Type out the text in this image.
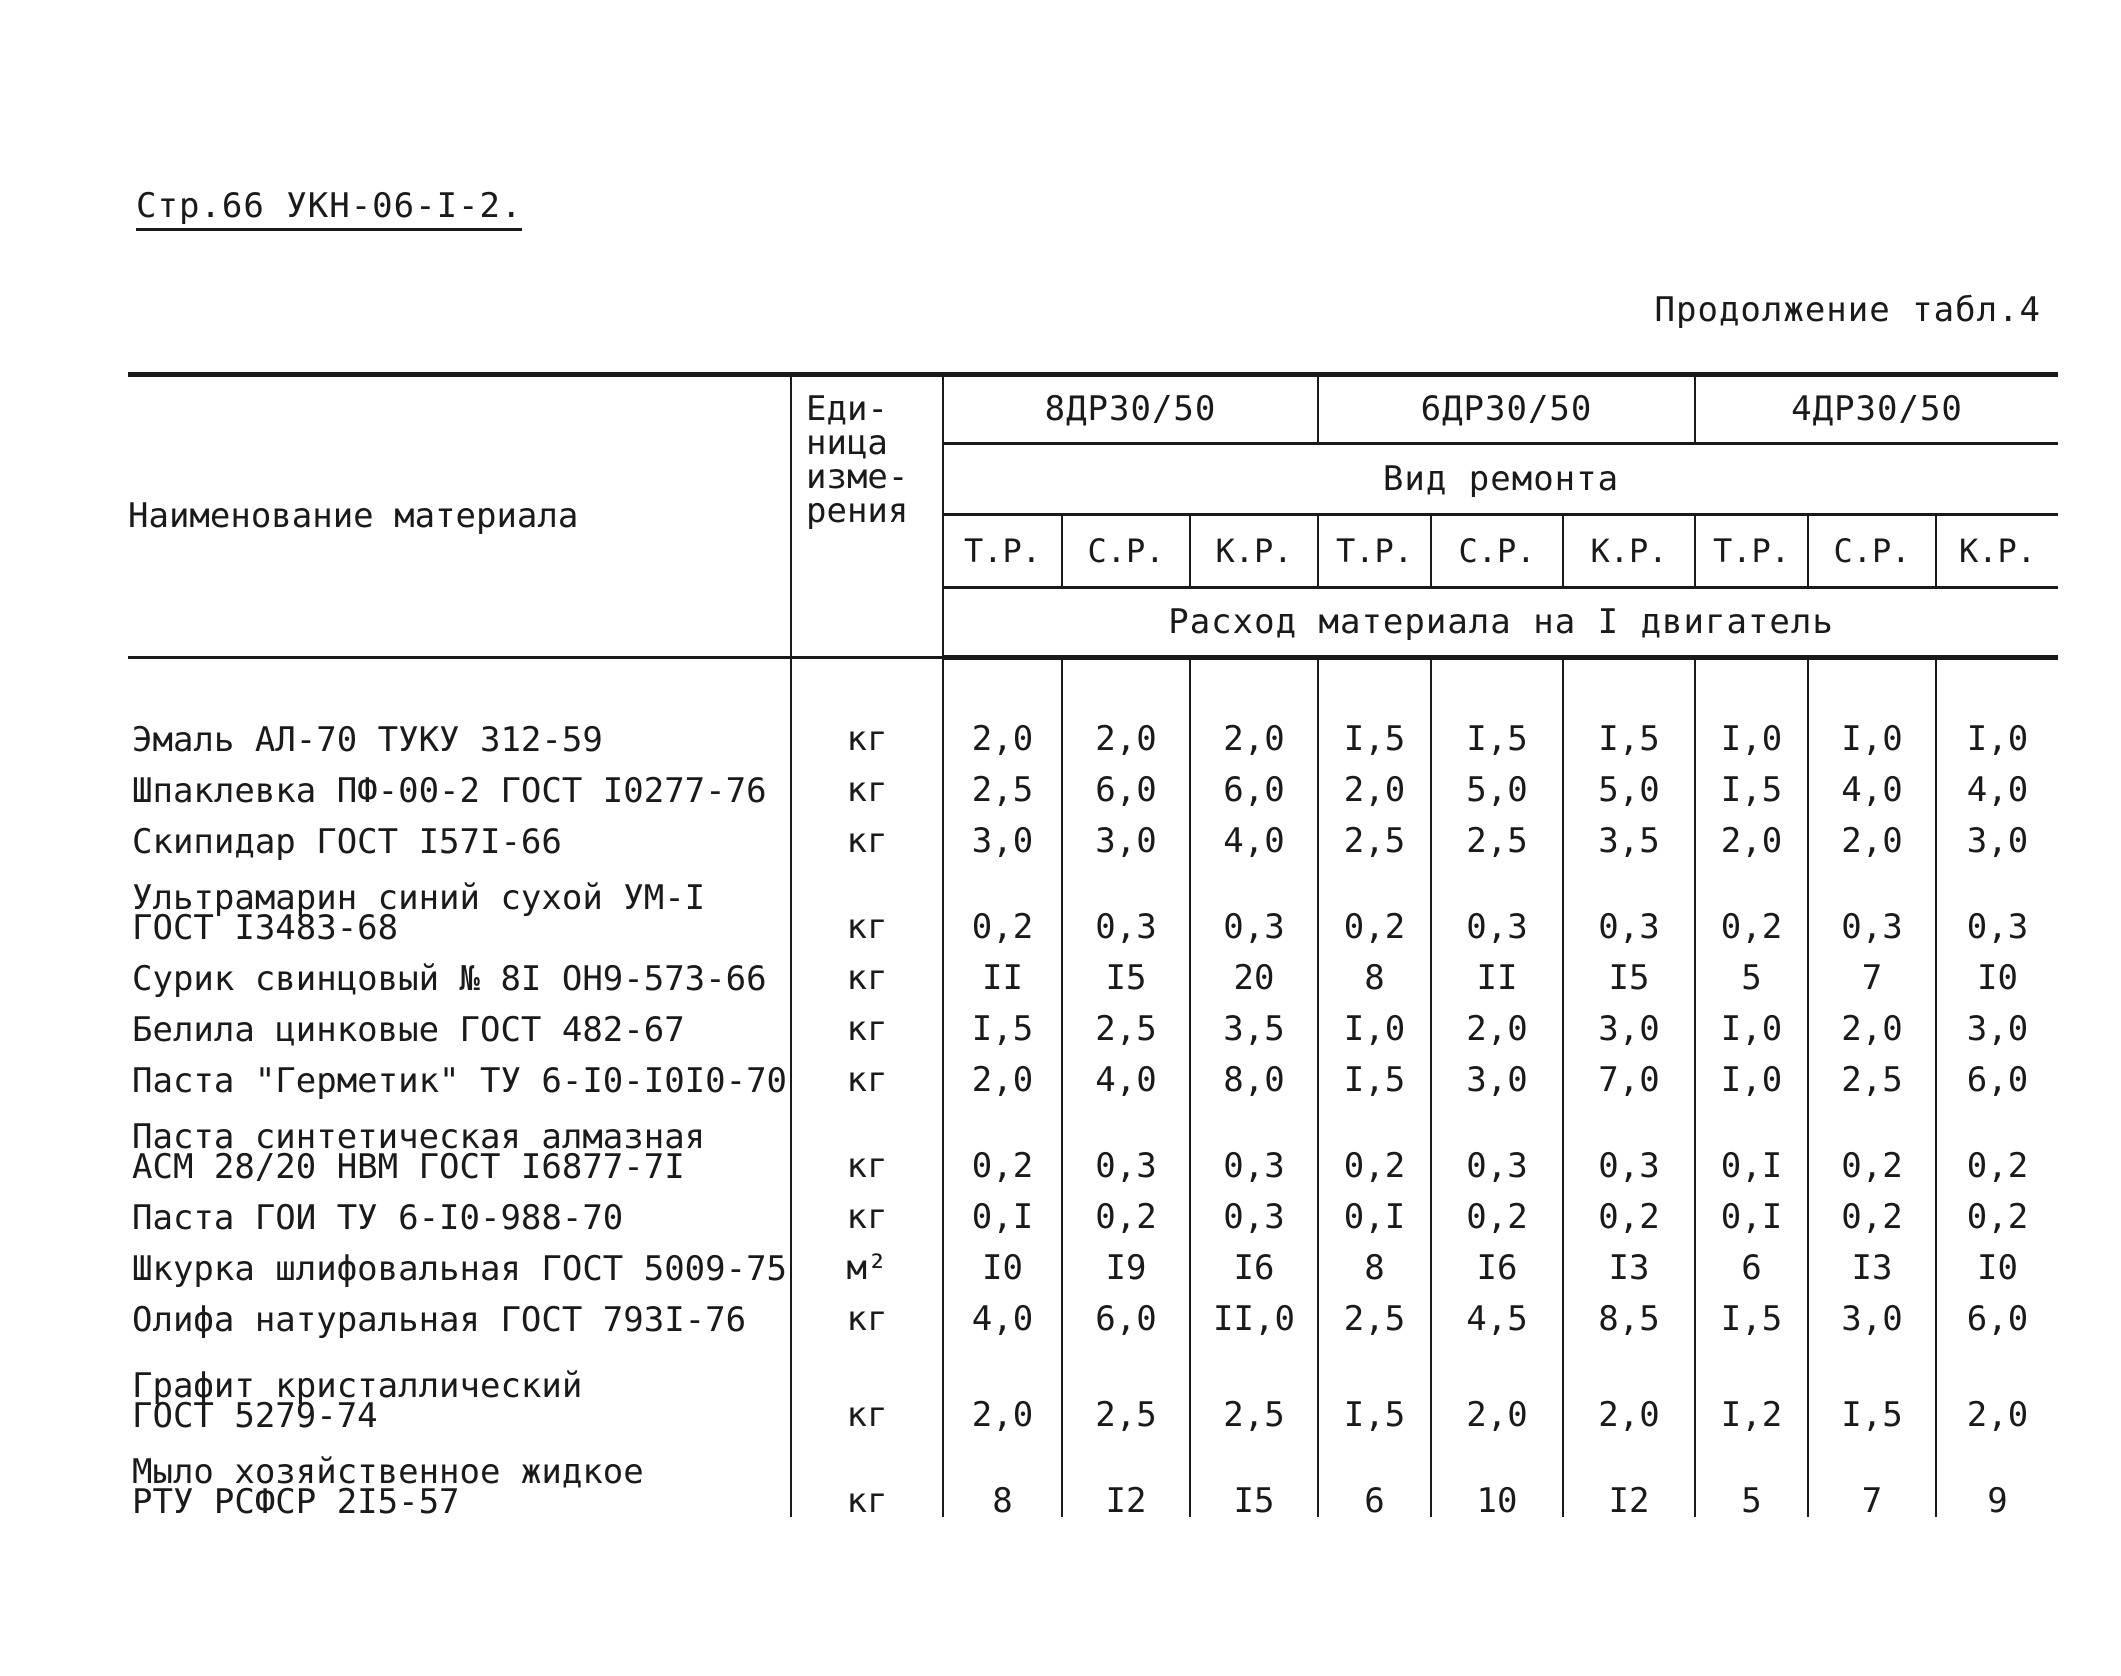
Стр.66 УКН-06-I-2.
Продолжение табл.4
Наименование материала	Еди-
ница
изме-
рения	8ДР30/50			6ДР30/50			4ДР30/50		
		Вид ремонта								
		Т.Р.	С.Р.	К.Р.	Т.Р.	С.Р.	К.Р.	Т.Р.	С.Р.	К.Р.
		Расход материала на I двигатель								

Эмаль АЛ-70 ТУКУ 312-59	кг	2,0	2,0	2,0	I,5	I,5	I,5	I,0	I,0	I,0
Шпаклевка ПФ-00-2 ГОСТ I0277-76	кг	2,5	6,0	6,0	2,0	5,0	5,0	I,5	4,0	4,0
Скипидар ГОСТ I57I-66	кг	3,0	3,0	4,0	2,5	2,5	3,5	2,0	2,0	3,0
Ультрамарин синий сухой УМ-I
ГОСТ I3483-68	кг	0,2	0,3	0,3	0,2	0,3	0,3	0,2	0,3	0,3
Сурик свинцовый № 8I ОН9-573-66	кг	II	I5	20	8	II	I5	5	7	I0
Белила цинковые ГОСТ 482-67	кг	I,5	2,5	3,5	I,0	2,0	3,0	I,0	2,0	3,0
Паста "Герметик" ТУ 6-I0-I0I0-70	кг	2,0	4,0	8,0	I,5	3,0	7,0	I,0	2,5	6,0
Паста синтетическая алмазная
АСМ 28/20 НВМ ГОСТ I6877-7I	кг	0,2	0,3	0,3	0,2	0,3	0,3	0,I	0,2	0,2
Паста ГОИ ТУ 6-I0-988-70	кг	0,I	0,2	0,3	0,I	0,2	0,2	0,I	0,2	0,2
Шкурка шлифовальная ГОСТ 5009-75	м²	I0	I9	I6	8	I6	I3	6	I3	I0
Олифа натуральная ГОСТ 793I-76	кг	4,0	6,0	II,0	2,5	4,5	8,5	I,5	3,0	6,0
Графит кристаллический
ГОСТ 5279-74	кг	2,0	2,5	2,5	I,5	2,0	2,0	I,2	I,5	2,0
Мыло хозяйственное жидкое
РТУ РСФСР 2I5-57	кг	8	I2	I5	6	10	I2	5	7	9
